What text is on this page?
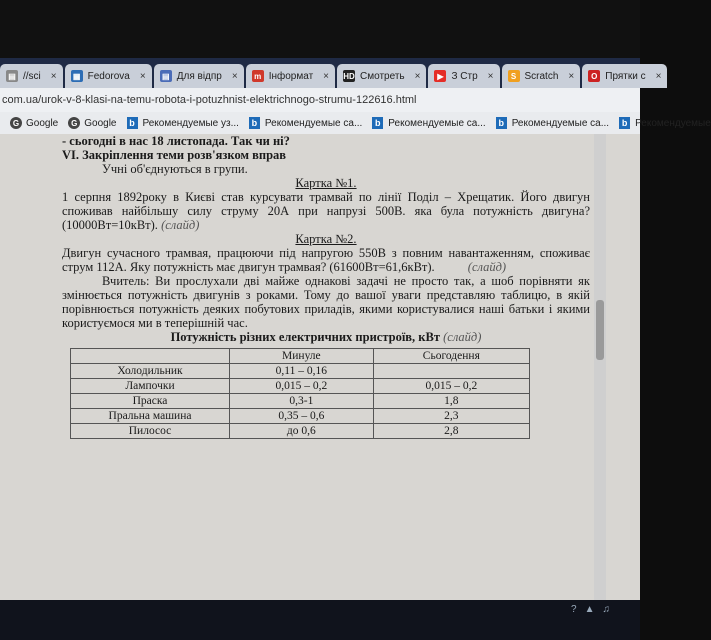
▤ //sci × ▦ Fedorova × ▤ Для відпр ×	m Інформат × HD Смотреть ×	▶ З Стр ×	S Scratch ×	O Прятки с ×
com.ua/urok-v-8-klasi-na-temu-robota-i-potuzhnist-elektrichnogo-strumu-122616.html
G Google	G Google	b Рекомендуемые уз...	b Рекомендуемые са...	b Рекомендуемые са...	b Рекомендуемые са...	b Рекомендуемые

- сьогодні в нас 18 листопада. Так чи ні?

VI. Закріплення теми розв'язком вправ

Учні об'єднуються в групи.

Картка №1.

1 серпня 1892року в Києві став курсувати трамвай по лінії Поділ – Хрещатик. Його двигун споживав найбільшу силу струму 20А при напрузі 500В. яка була потужність двигуна? (10000Вт=10кВт). (слайд)

Картка №2.

Двигун сучасного трамвая, працюючи під напругою 550В з повним навантаженням, споживає струм 112А. Яку потужність має двигун трамвая? (61600Вт=61,6кВт).	(слайд)

Вчитель: Ви прослухали дві майже однакові задачі не просто так, а шоб порівняти як змінюється потужність двигунів з роками. Тому до вашої уваги представляю таблицю, в якій порівнюється потужність деяких побутових приладів, якими користувалися наші батьки і якими користуємося ми в теперішній час.

Потужність різних електричних пристроїв, кВт (слайд)

	Минуле	Сьогодення
Холодильник	0,11 – 0,16	
Лампочки	0,015 – 0,2	0,015 – 0,2
Праска	0,3-1	1,8
Пральна машина	0,35 – 0,6	2,3
Пилосос	до 0,6	2,8
? ▲ ♫
